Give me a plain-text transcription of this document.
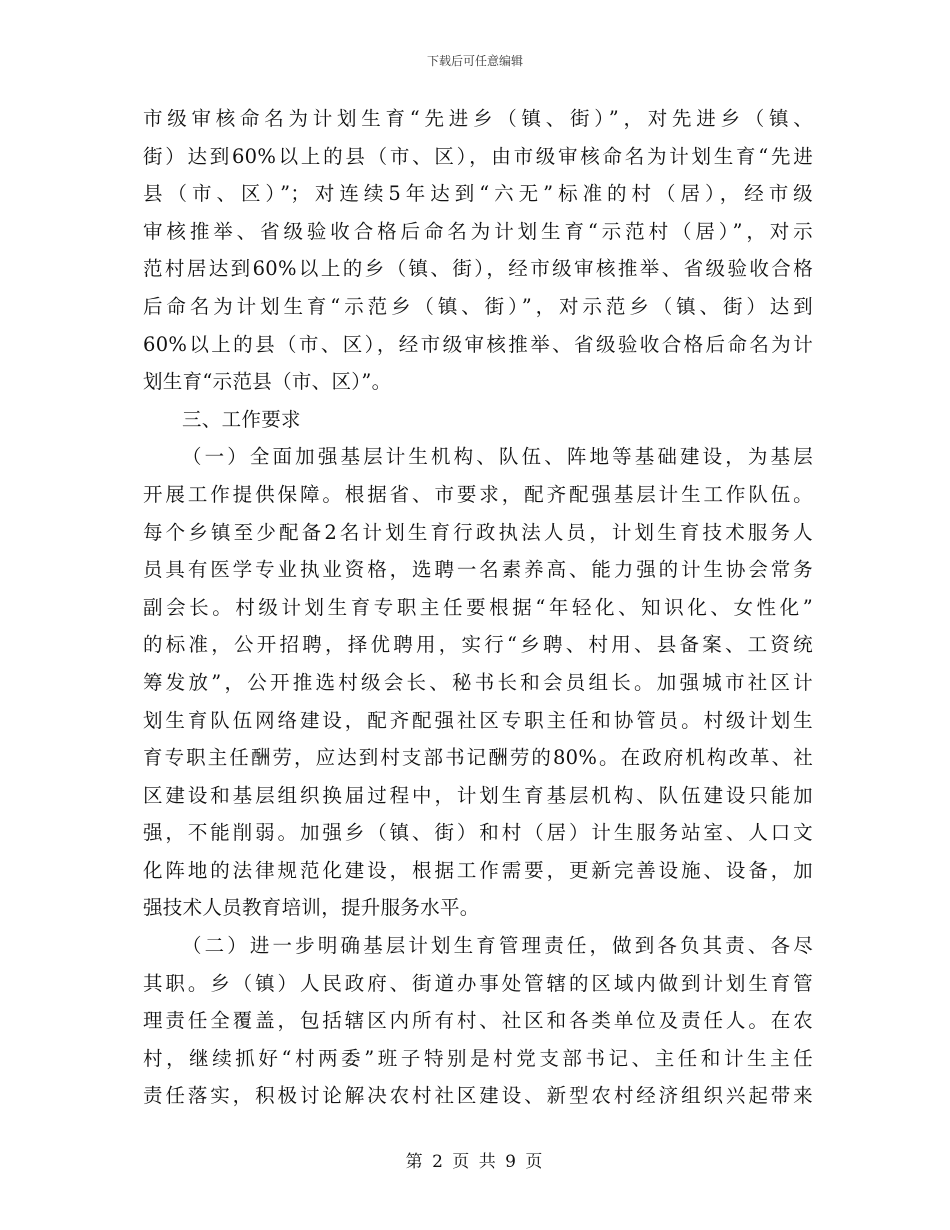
下载后可任意编辑
市级审核命名为计划生育“先进乡（镇、街）”，对先进乡（镇、
街）达到60%以上的县（市、区），由市级审核命名为计划生育“先进
县（市、区）”；对连续5年达到“六无”标准的村（居），经市级
审核推举、省级验收合格后命名为计划生育“示范村（居）”，对示
范村居达到60%以上的乡（镇、街），经市级审核推举、省级验收合格
后命名为计划生育“示范乡（镇、街）”，对示范乡（镇、街）达到
60%以上的县（市、区），经市级审核推举、省级验收合格后命名为计
划生育“示范县（市、区）”。
三、工作要求
（一）全面加强基层计生机构、队伍、阵地等基础建设，为基层
开展工作提供保障。根据省、市要求，配齐配强基层计生工作队伍。
每个乡镇至少配备2名计划生育行政执法人员，计划生育技术服务人
员具有医学专业执业资格，选聘一名素养高、能力强的计生协会常务
副会长。村级计划生育专职主任要根据“年轻化、知识化、女性化”
的标准，公开招聘，择优聘用，实行“乡聘、村用、县备案、工资统
筹发放”，公开推选村级会长、秘书长和会员组长。加强城市社区计
划生育队伍网络建设，配齐配强社区专职主任和协管员。村级计划生
育专职主任酬劳，应达到村支部书记酬劳的80%。在政府机构改革、社
区建设和基层组织换届过程中，计划生育基层机构、队伍建设只能加
强，不能削弱。加强乡（镇、街）和村（居）计生服务站室、人口文
化阵地的法律规范化建设，根据工作需要，更新完善设施、设备，加
强技术人员教育培训，提升服务水平。
（二）进一步明确基层计划生育管理责任，做到各负其责、各尽
其职。乡（镇）人民政府、街道办事处管辖的区域内做到计划生育管
理责任全覆盖，包括辖区内所有村、社区和各类单位及责任人。在农
村，继续抓好“村两委”班子特别是村党支部书记、主任和计生主任
责任落实，积极讨论解决农村社区建设、新型农村经济组织兴起带来
第 2 页 共 9 页
